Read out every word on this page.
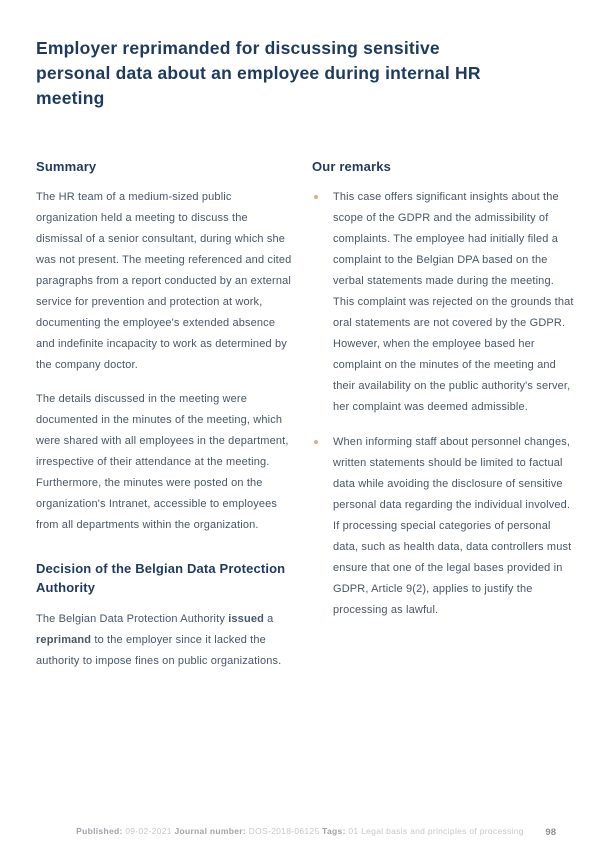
Employer reprimanded for discussing sensitive personal data about an employee during internal HR meeting
Summary

The HR team of a medium-sized public organization held a meeting to discuss the dismissal of a senior consultant, during which she was not present. The meeting referenced and cited paragraphs from a report conducted by an external service for prevention and protection at work, documenting the employee's extended absence and indefinite incapacity to work as determined by the company doctor.

The details discussed in the meeting were documented in the minutes of the meeting, which were shared with all employees in the department, irrespective of their attendance at the meeting. Furthermore, the minutes were posted on the organization's Intranet, accessible to employees from all departments within the organization.

Decision of the Belgian Data Protection Authority

The Belgian Data Protection Authority issued a reprimand to the employer since it lacked the authority to impose fines on public organizations.

Our remarks
This case offers significant insights about the scope of the GDPR and the admissibility of complaints. The employee had initially filed a complaint to the Belgian DPA based on the verbal statements made during the meeting. This complaint was rejected on the grounds that oral statements are not covered by the GDPR. However, when the employee based her complaint on the minutes of the meeting and their availability on the public authority's server, her complaint was deemed admissible.
When informing staff about personnel changes, written statements should be limited to factual data while avoiding the disclosure of sensitive personal data regarding the individual involved. If processing special categories of personal data, such as health data, data controllers must ensure that one of the legal bases provided in GDPR, Article 9(2), applies to justify the processing as lawful.
Published: 09-02-2021 Journal number: DOS-2018-06125 Tags: 01 Legal basis and principles of processing	98
